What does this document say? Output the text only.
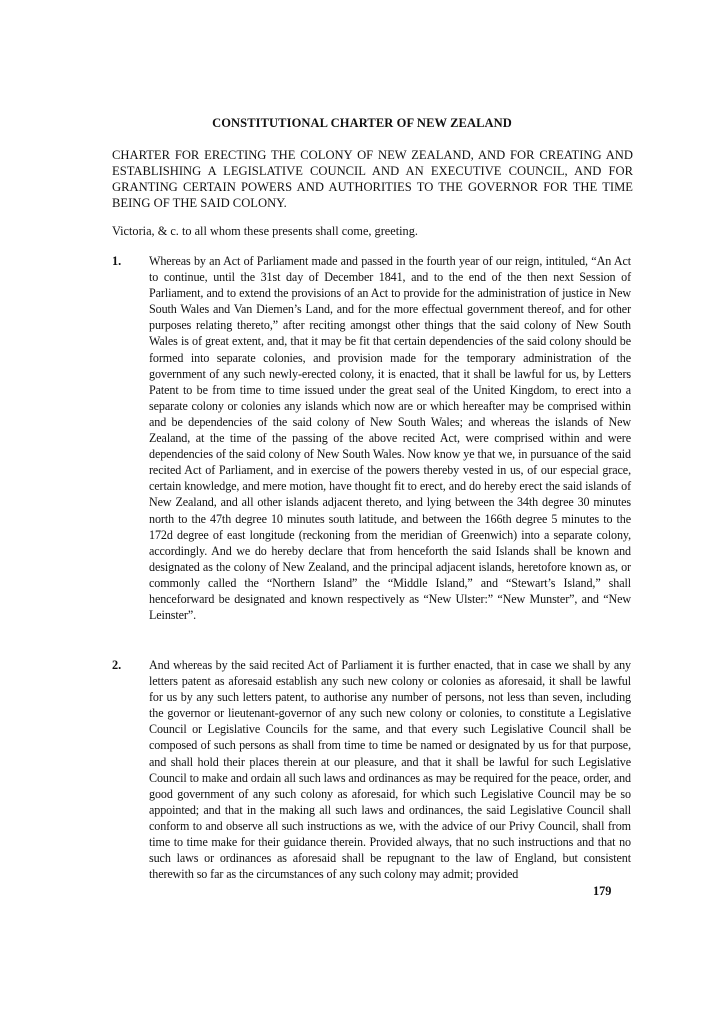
CONSTITUTIONAL CHARTER OF NEW ZEALAND
CHARTER FOR ERECTING THE COLONY OF NEW ZEALAND, AND FOR CREATING AND ESTABLISHING A LEGISLATIVE COUNCIL AND AN EXECUTIVE COUNCIL, AND FOR GRANTING CERTAIN POWERS AND AUTHORITIES TO THE GOVERNOR FOR THE TIME BEING OF THE SAID COLONY.
Victoria, & c. to all whom these presents shall come, greeting.
1. Whereas by an Act of Parliament made and passed in the fourth year of our reign, intituled, “An Act to continue, until the 31st day of December 1841, and to the end of the then next Session of Parliament, and to extend the provisions of an Act to provide for the administration of justice in New South Wales and Van Diemen’s Land, and for the more effectual government thereof, and for other purposes relating thereto,” after reciting amongst other things that the said colony of New South Wales is of great extent, and, that it may be fit that certain dependencies of the said colony should be formed into separate colonies, and provision made for the temporary administration of the government of any such newly-erected colony, it is enacted, that it shall be lawful for us, by Letters Patent to be from time to time issued under the great seal of the United Kingdom, to erect into a separate colony or colonies any islands which now are or which hereafter may be comprised within and be dependencies of the said colony of New South Wales; and whereas the islands of New Zealand, at the time of the passing of the above recited Act, were comprised within and were dependencies of the said colony of New South Wales. Now know ye that we, in pursuance of the said recited Act of Parliament, and in exercise of the powers thereby vested in us, of our especial grace, certain knowledge, and mere motion, have thought fit to erect, and do hereby erect the said islands of New Zealand, and all other islands adjacent thereto, and lying between the 34th degree 30 minutes north to the 47th degree 10 minutes south latitude, and between the 166th degree 5 minutes to the 172d degree of east longitude (reckoning from the meridian of Greenwich) into a separate colony, accordingly. And we do hereby declare that from henceforth the said Islands shall be known and designated as the colony of New Zealand, and the principal adjacent islands, heretofore known as, or commonly called the “Northern Island” the “Middle Island,” and “Stewart’s Island,” shall henceforward be designated and known respectively as “New Ulster:” “New Munster”, and “New Leinster”.
2. And whereas by the said recited Act of Parliament it is further enacted, that in case we shall by any letters patent as aforesaid establish any such new colony or colonies as aforesaid, it shall be lawful for us by any such letters patent, to authorise any number of persons, not less than seven, including the governor or lieutenant-governor of any such new colony or colonies, to constitute a Legislative Council or Legislative Councils for the same, and that every such Legislative Council shall be composed of such persons as shall from time to time be named or designated by us for that purpose, and shall hold their places therein at our pleasure, and that it shall be lawful for such Legislative Council to make and ordain all such laws and ordinances as may be required for the peace, order, and good government of any such colony as aforesaid, for which such Legislative Council may be so appointed; and that in the making all such laws and ordinances, the said Legislative Council shall conform to and observe all such instructions as we, with the advice of our Privy Council, shall from time to time make for their guidance therein. Provided always, that no such instructions and that no such laws or ordinances as aforesaid shall be repugnant to the law of England, but consistent therewith so far as the circumstances of any such colony may admit; provided
179
